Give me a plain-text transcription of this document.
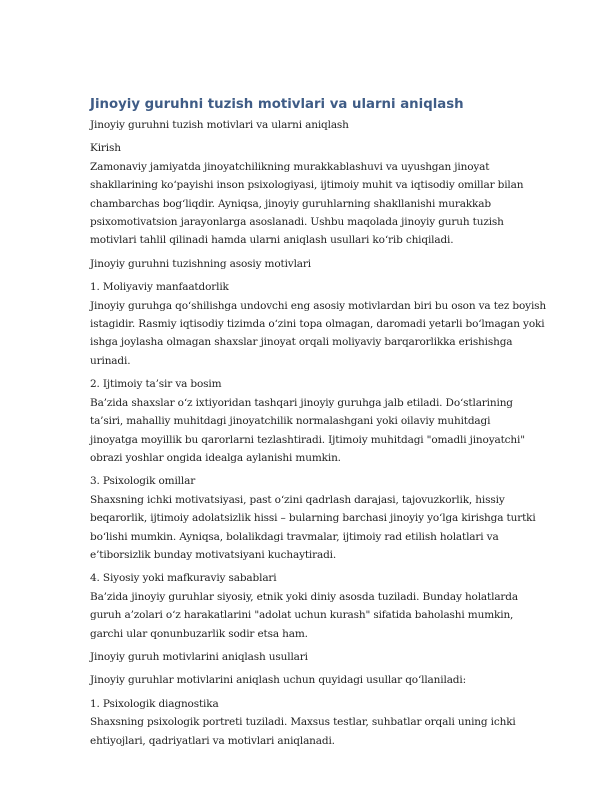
Jinoyiy guruhni tuzish motivlari va ularni aniqlash
Jinoyiy guruhni tuzish motivlari va ularni aniqlash
Kirish
Zamonaviy jamiyatda jinoyatchilikning murakkablashuvi va uyushgan jinoyat
shakllarining ko‘payishi inson psixologiyasi, ijtimoiy muhit va iqtisodiy omillar bilan
chambarchas bog‘liqdir. Ayniqsa, jinoyiy guruhlarning shakllanishi murakkab
psixomotivatsion jarayonlarga asoslanadi. Ushbu maqolada jinoyiy guruh tuzish
motivlari tahlil qilinadi hamda ularni aniqlash usullari ko‘rib chiqiladi.
Jinoyiy guruhni tuzishning asosiy motivlari
1. Moliyaviy manfaatdorlik
Jinoyiy guruhga qo‘shilishga undovchi eng asosiy motivlardan biri bu oson va tez boyish
istagidir. Rasmiy iqtisodiy tizimda o‘zini topa olmagan, daromadi yetarli bo‘lmagan yoki
ishga joylasha olmagan shaxslar jinoyat orqali moliyaviy barqarorlikka erishishga
urinadi.
2. Ijtimoiy ta’sir va bosim
Ba’zida shaxslar o‘z ixtiyoridan tashqari jinoyiy guruhga jalb etiladi. Do‘stlarining
ta’siri, mahalliy muhitdagi jinoyatchilik normalashgani yoki oilaviy muhitdagi
jinoyatga moyillik bu qarorlarni tezlashtiradi. Ijtimoiy muhitdagi "omadli jinoyatchi"
obrazi yoshlar ongida idealga aylanishi mumkin.
3. Psixologik omillar
Shaxsning ichki motivatsiyasi, past o‘zini qadrlash darajasi, tajovuzkorlik, hissiy
beqarorlik, ijtimoiy adolatsizlik hissi – bularning barchasi jinoyiy yo‘lga kirishga turtki
bo‘lishi mumkin. Ayniqsa, bolalikdagi travmalar, ijtimoiy rad etilish holatlari va
e’tiborsizlik bunday motivatsiyani kuchaytiradi.
4. Siyosiy yoki mafkuraviy sabablari
Ba’zida jinoyiy guruhlar siyosiy, etnik yoki diniy asosda tuziladi. Bunday holatlarda
guruh a’zolari o‘z harakatlarini "adolat uchun kurash" sifatida baholashi mumkin,
garchi ular qonunbuzarlik sodir etsa ham.
Jinoyiy guruh motivlarini aniqlash usullari
Jinoyiy guruhlar motivlarini aniqlash uchun quyidagi usullar qo‘llaniladi:
1. Psixologik diagnostika
Shaxsning psixologik portreti tuziladi. Maxsus testlar, suhbatlar orqali uning ichki
ehtiyojlari, qadriyatlari va motivlari aniqlanadi.
